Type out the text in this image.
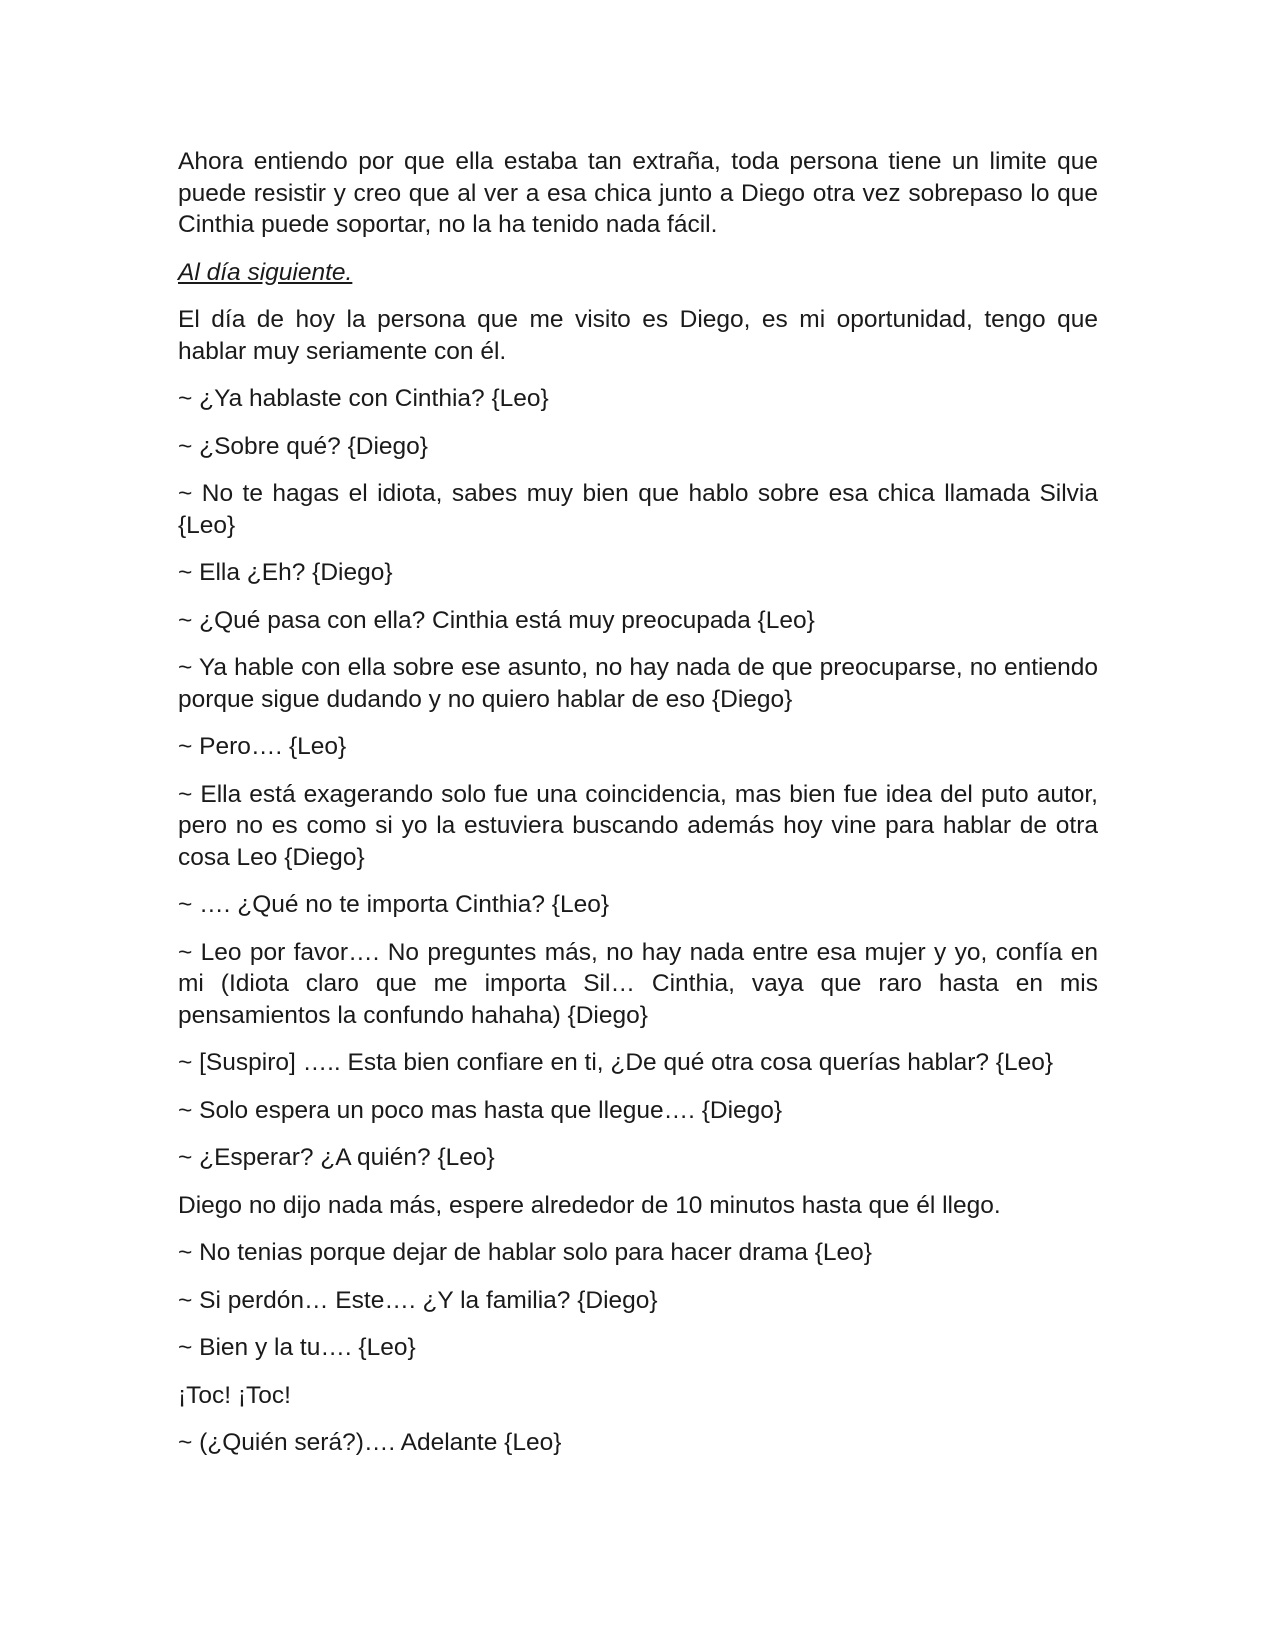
Ahora entiendo por que ella estaba tan extraña, toda persona tiene un limite que puede resistir y creo que al ver a esa chica junto a Diego otra vez sobrepaso lo que Cinthia puede soportar, no la ha tenido nada fácil.

Al día siguiente.

El día de hoy la persona que me visito es Diego, es mi oportunidad, tengo que hablar muy seriamente con él.

~ ¿Ya hablaste con Cinthia? {Leo}

~ ¿Sobre qué? {Diego}

~ No te hagas el idiota, sabes muy bien que hablo sobre esa chica llamada Silvia {Leo}

~ Ella ¿Eh? {Diego}

~ ¿Qué pasa con ella? Cinthia está muy preocupada {Leo}

~ Ya hable con ella sobre ese asunto, no hay nada de que preocuparse, no entiendo porque sigue dudando y no quiero hablar de eso {Diego}

~ Pero…. {Leo}

~ Ella está exagerando solo fue una coincidencia, mas bien fue idea del puto autor, pero no es como si yo la estuviera buscando además hoy vine para hablar de otra cosa Leo {Diego}

~ …. ¿Qué no te importa Cinthia? {Leo}

~ Leo por favor…. No preguntes más, no hay nada entre esa mujer y yo, confía en mi (Idiota claro que me importa Sil… Cinthia, vaya que raro hasta en mis pensamientos la confundo hahaha) {Diego}

~ [Suspiro] ….. Esta bien confiare en ti, ¿De qué otra cosa querías hablar? {Leo}

~ Solo espera un poco mas hasta que llegue…. {Diego}

~ ¿Esperar? ¿A quién? {Leo}

Diego no dijo nada más, espere alrededor de 10 minutos hasta que él llego.

~ No tenias porque dejar de hablar solo para hacer drama {Leo}

~ Si perdón… Este…. ¿Y la familia? {Diego}

~ Bien y la tu…. {Leo}

¡Toc! ¡Toc!

~ (¿Quién será?)…. Adelante {Leo}
